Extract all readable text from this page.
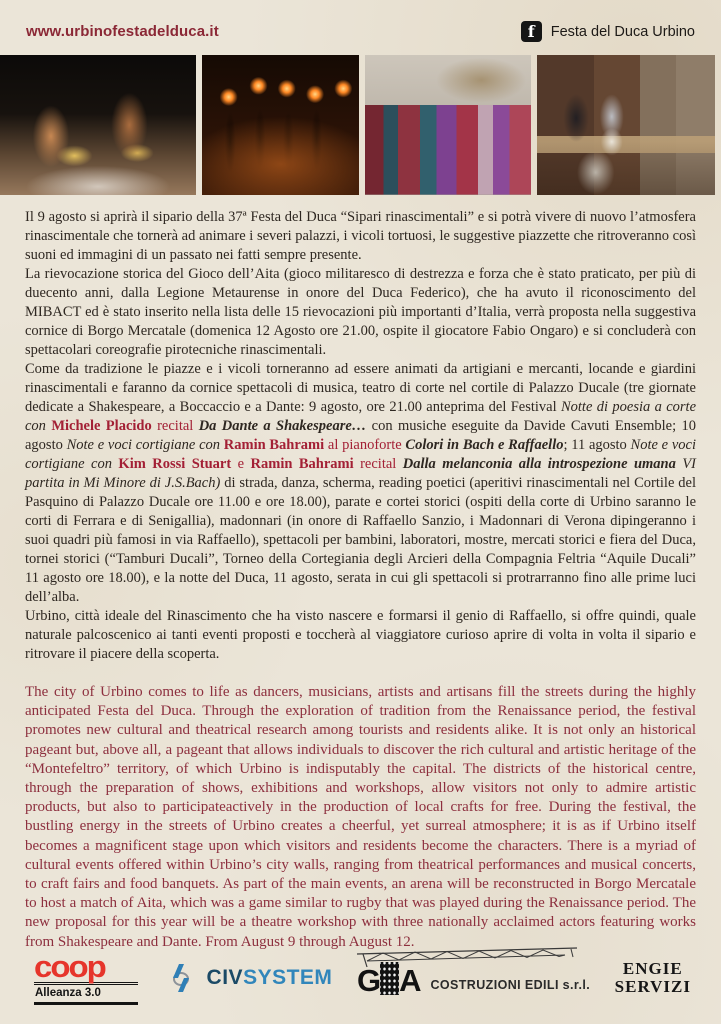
www.urbinofestadelduca.it	f	Festa del Duca Urbino

Il 9 agosto si aprirà il sipario della 37ª Festa del Duca “Sipari rinascimentali” e si potrà vivere di nuovo l’atmosfera rinascimentale che tornerà ad animare i severi palazzi, i vicoli tortuosi, le suggestive piazzette che ritroveranno così suoni ed immagini di un passato nei fatti sempre presente.

La rievocazione storica del Gioco dell’Aita (gioco militaresco di destrezza e forza che è stato praticato, per più di duecento anni, dalla Legione Metaurense in onore del Duca Federico), che ha avuto il riconoscimento del MIBACT ed è stato inserito nella lista delle 15 rievocazioni più importanti d’Italia, verrà proposta nella suggestiva cornice di Borgo Mercatale (domenica 12 Agosto ore 21.00, ospite il giocatore Fabio Ongaro) e si concluderà con spettacolari coreografie pirotecniche rinascimentali.

Come da tradizione le piazze e i vicoli torneranno ad essere animati da artigiani e mercanti, locande e giardini rinascimentali e faranno da cornice spettacoli di musica, teatro di corte nel cortile di Palazzo Ducale (tre giornate dedicate a Shakespeare, a Boccaccio e a Dante: 9 agosto, ore 21.00 anteprima del Festival Notte di poesia a corte con Michele Placido recital Da Dante a Shakespeare… con musiche eseguite da Davide Cavuti Ensemble; 10 agosto Note e voci cortigiane con Ramin Bahrami al pianoforte Colori in Bach e Raffaello; 11 agosto Note e voci cortigiane con Kim Rossi Stuart e Ramin Bahrami recital Dalla melanconia alla introspezione umana VI partita in Mi Minore di J.S.Bach) di strada, danza, scherma, reading poetici (aperitivi rinascimentali nel Cortile del Pasquino di Palazzo Ducale ore 11.00 e ore 18.00), parate e cortei storici (ospiti della corte di Urbino saranno le corti di Ferrara e di Senigallia), madonnari (in onore di Raffaello Sanzio, i Madonnari di Verona dipingeranno i suoi quadri più famosi in via Raffaello), spettacoli per bambini, laboratori, mostre, mercati storici e fiera del Duca, tornei storici (“Tamburi Ducali”, Torneo della Cortegiania degli Arcieri della Compagnia Feltria “Aquile Ducali” 11 agosto ore 18.00), e la notte del Duca, 11 agosto, serata in cui gli spettacoli si protrarranno fino alle prime luci dell’alba.

Urbino, città ideale del Rinascimento che ha visto nascere e formarsi il genio di Raffaello, si offre quindi, quale naturale palcoscenico ai tanti eventi proposti e toccherà al viaggiatore curioso aprire di volta in volta il sipario e ritrovare il piacere della scoperta.

The city of Urbino comes to life as dancers, musicians, artists and artisans fill the streets during the highly anticipated Festa del Duca. Through the exploration of tradition from the Renaissance period, the festival promotes new cultural and theatrical research among tourists and residents alike. It is not only an historical pageant but, above all, a pageant that allows individuals to discover the rich cultural and artistic heritage of the “Montefeltro” territory, of which Urbino is indisputably the capital. The districts of the historical centre, through the preparation of shows, exhibitions and workshops, allow visitors not only to admire artistic products, but also to participateactively in the production of local crafts for free. During the festival, the bustling energy in the streets of Urbino creates a cheerful, yet surreal atmosphere; it is as if Urbino itself becomes a magnificent stage upon which visitors and residents become the characters. There is a myriad of cultural events offered within Urbino’s city walls, ranging from theatrical performances and musical concerts, to craft fairs and food banquets. As part of the main events, an arena will be reconstructed in Borgo Mercatale to host a match of Aita, which was a game similar to rugby that was played during the Renaissance period. The new proposal for this year will be a theatre workshop with three nationally acclaimed actors featuring works from Shakespeare and Dante. From August 9 through August 12.

coop
Alleanza 3.0
CIVSYSTEM G A COSTRUZIONI EDILI s.r.l.
ENGIE
SERVIZI
